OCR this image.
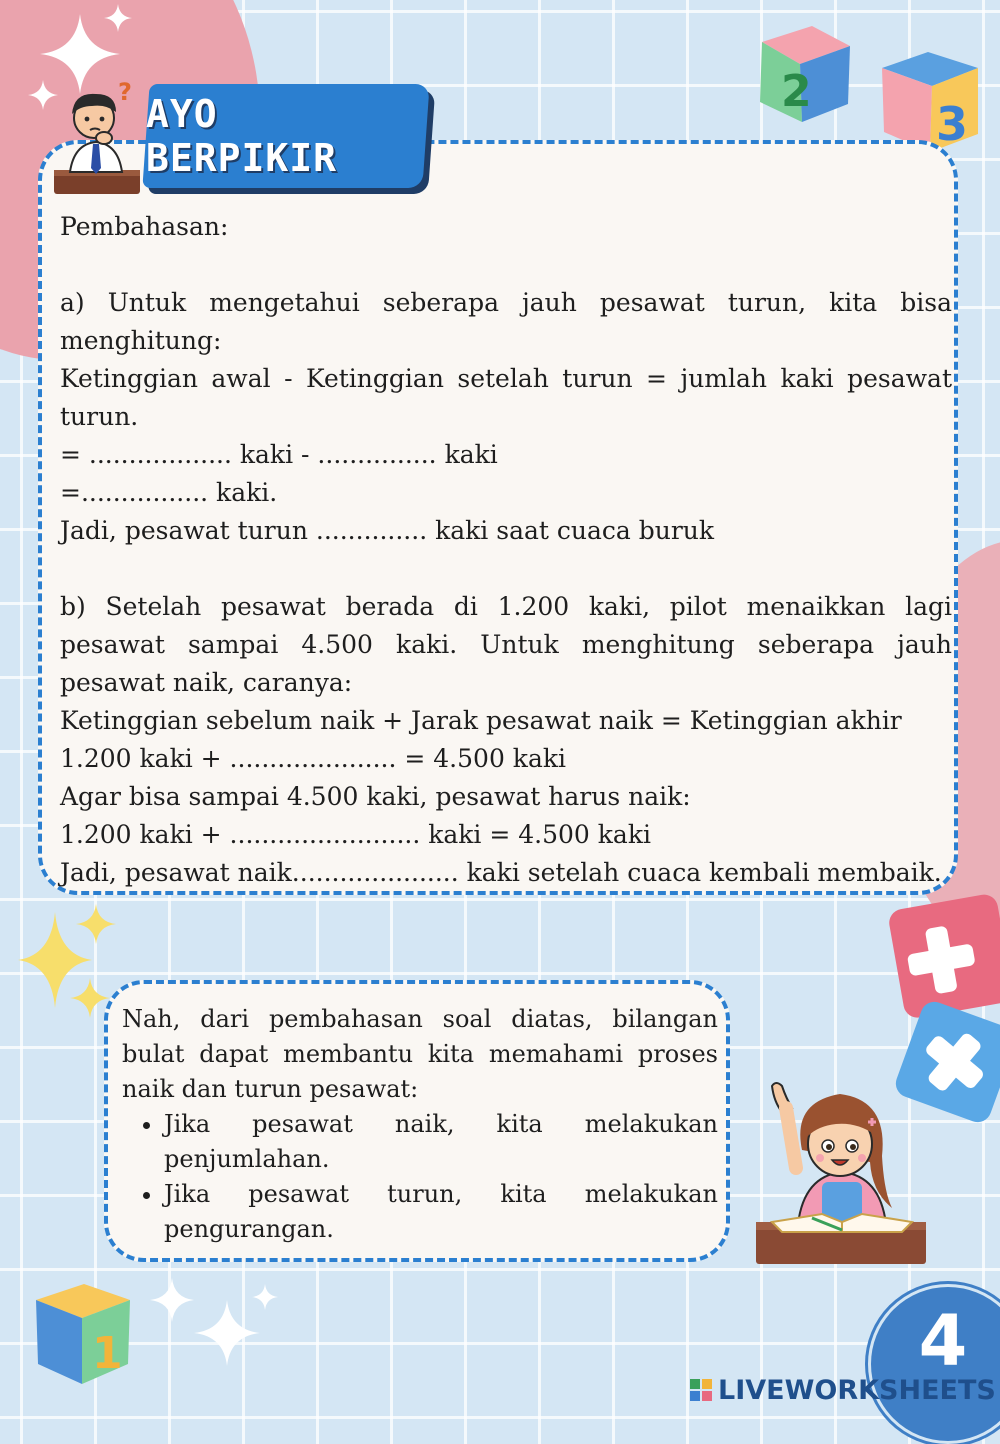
2
3
1

Pembahasan:

a) Untuk mengetahui seberapa jauh pesawat turun, kita bisa menghitung:

Ketinggian awal - Ketinggian setelah turun = jumlah kaki pesawat turun.

= .................. kaki - ............... kaki

=................ kaki.

Jadi, pesawat turun .............. kaki saat cuaca buruk

b) Setelah pesawat berada di 1.200 kaki, pilot menaikkan lagi pesawat sampai 4.500 kaki. Untuk menghitung seberapa jauh pesawat naik, caranya:

Ketinggian sebelum naik + Jarak pesawat naik = Ketinggian akhir

1.200 kaki + ..................... = 4.500 kaki

Agar bisa sampai 4.500 kaki, pesawat harus naik:

1.200 kaki + ........................ kaki = 4.500 kaki

Jadi, pesawat naik..................... kaki setelah cuaca kembali membaik.

AYO BERPIKIR
?

Nah, dari pembahasan soal diatas, bilangan bulat dapat membantu kita memahami proses naik dan turun pesawat:

• Jika pesawat naik, kita melakukan penjumlahan.
• Jika pesawat turun, kita melakukan pengurangan.
4
LIVEWORKSHEETS
